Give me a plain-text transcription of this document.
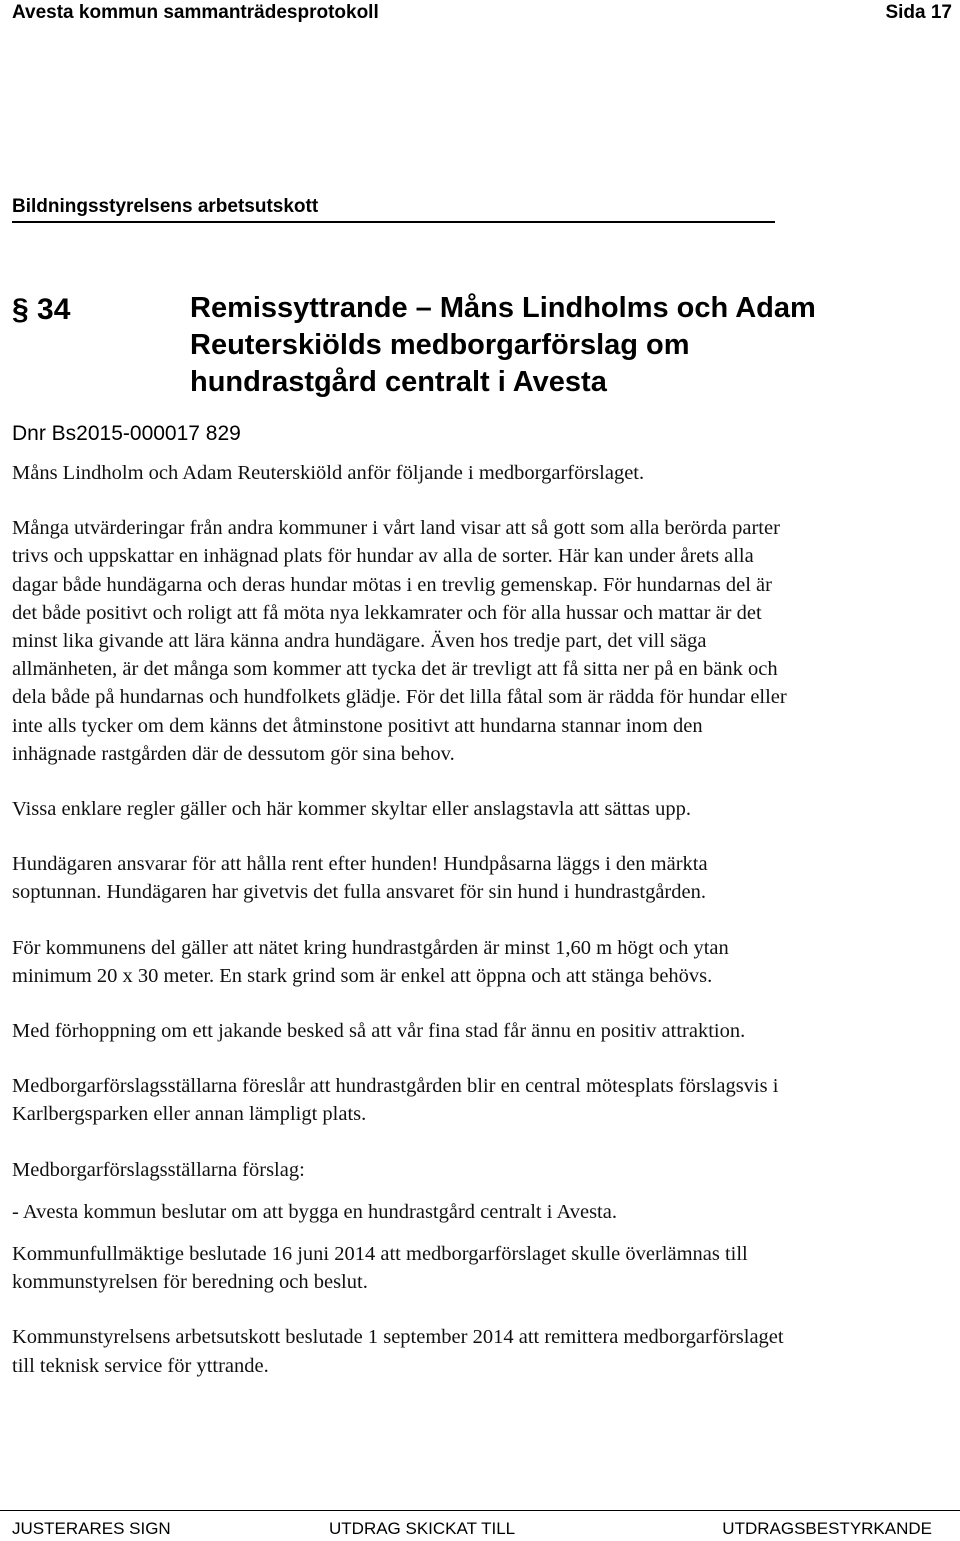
Avesta kommun sammanträdesprotokoll	Sida 17
Bildningsstyrelsens arbetsutskott
§ 34	Remissyttrande – Måns Lindholms och Adam
Reuterskiölds medborgarförslag om
hundrastgård centralt i Avesta
Dnr Bs2015-000017 829

Måns Lindholm och Adam Reuterskiöld anför följande i medborgarförslaget.

Många utvärderingar från andra kommuner i vårt land visar att så gott som alla berörda parter
trivs och uppskattar en inhägnad plats för hundar av alla de sorter. Här kan under årets alla
dagar både hundägarna och deras hundar mötas i en trevlig gemenskap. För hundarnas del är
det både positivt och roligt att få möta nya lekkamrater och för alla hussar och mattar är det
minst lika givande att lära känna andra hundägare. Även hos tredje part, det vill säga
allmänheten, är det många som kommer att tycka det är trevligt att få sitta ner på en bänk och
dela både på hundarnas och hundfolkets glädje. För det lilla fåtal som är rädda för hundar eller
inte alls tycker om dem känns det åtminstone positivt att hundarna stannar inom den
inhägnade rastgården där de dessutom gör sina behov.

Vissa enklare regler gäller och här kommer skyltar eller anslagstavla att sättas upp.

Hundägaren ansvarar för att hålla rent efter hunden! Hundpåsarna läggs i den märkta
soptunnan. Hundägaren har givetvis det fulla ansvaret för sin hund i hundrastgården.

För kommunens del gäller att nätet kring hundrastgården är minst 1,60 m högt och ytan
minimum 20 x 30 meter. En stark grind som är enkel att öppna och att stänga behövs.

Med förhoppning om ett jakande besked så att vår fina stad får ännu en positiv attraktion.

Medborgarförslagsställarna föreslår att hundrastgården blir en central mötesplats förslagsvis i
Karlbergsparken eller annan lämpligt plats.

Medborgarförslagsställarna förslag:

- Avesta kommun beslutar om att bygga en hundrastgård centralt i Avesta.

Kommunfullmäktige beslutade 16 juni 2014 att medborgarförslaget skulle överlämnas till
kommunstyrelsen för beredning och beslut.

Kommunstyrelsens arbetsutskott beslutade 1 september 2014 att remittera medborgarförslaget
till teknisk service för yttrande.

JUSTERARES SIGN	UTDRAG SKICKAT TILL	UTDRAGSBESTYRKANDE
